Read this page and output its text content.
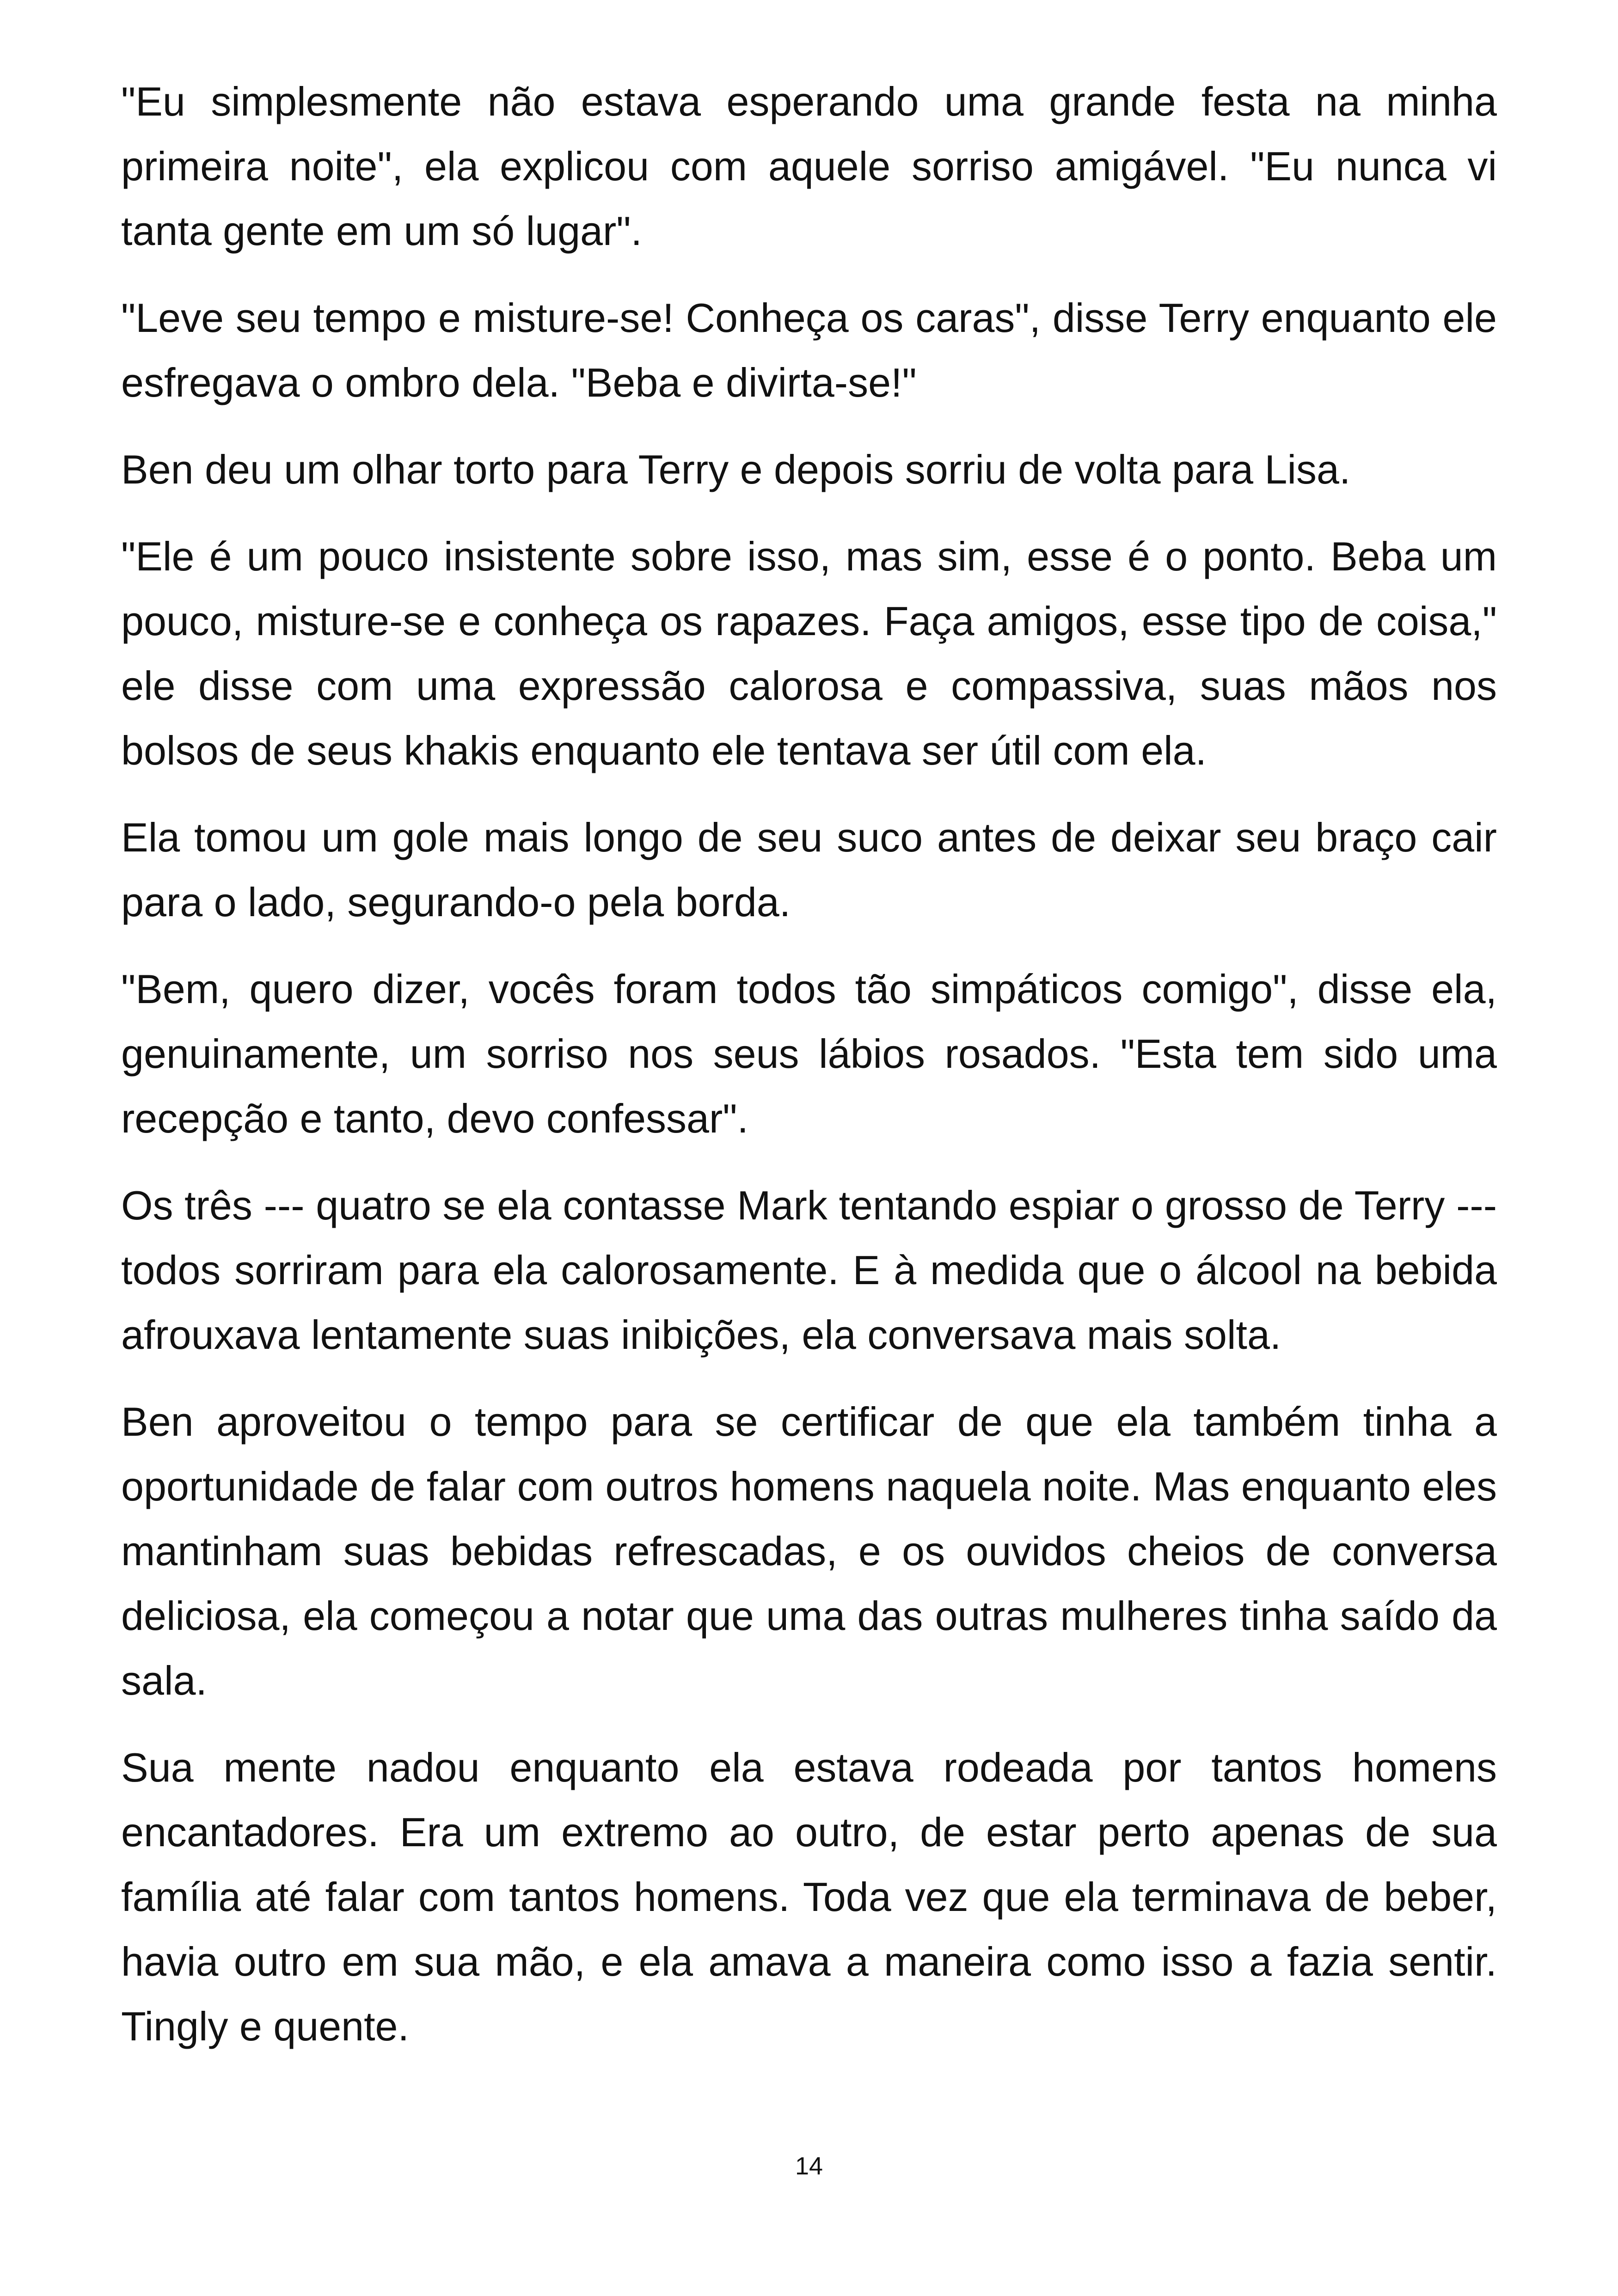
"Eu simplesmente não estava esperando uma grande festa na minha primeira noite", ela explicou com aquele sorriso amigável. "Eu nunca vi tanta gente em um só lugar".

"Leve seu tempo e misture-se! Conheça os caras", disse Terry enquanto ele esfregava o ombro dela. "Beba e divirta-se!"

Ben deu um olhar torto para Terry e depois sorriu de volta para Lisa.

"Ele é um pouco insistente sobre isso, mas sim, esse é o ponto. Beba um pouco, misture-se e conheça os rapazes. Faça amigos, esse tipo de coisa," ele disse com uma expressão calorosa e compassiva, suas mãos nos bolsos de seus khakis enquanto ele tentava ser útil com ela.

Ela tomou um gole mais longo de seu suco antes de deixar seu braço cair para o lado, segurando-o pela borda.

"Bem, quero dizer, vocês foram todos tão simpáticos comigo", disse ela, genuinamente, um sorriso nos seus lábios rosados. "Esta tem sido uma recepção e tanto, devo confessar".

Os três --- quatro se ela contasse Mark tentando espiar o grosso de Terry --- todos sorriram para ela calorosamente. E à medida que o álcool na bebida afrouxava lentamente suas inibições, ela conversava mais solta.

Ben aproveitou o tempo para se certificar de que ela também tinha a oportunidade de falar com outros homens naquela noite. Mas enquanto eles mantinham suas bebidas refrescadas, e os ouvidos cheios de conversa deliciosa, ela começou a notar que uma das outras mulheres tinha saído da sala.

Sua mente nadou enquanto ela estava rodeada por tantos homens encantadores. Era um extremo ao outro, de estar perto apenas de sua família até falar com tantos homens. Toda vez que ela terminava de beber, havia outro em sua mão, e ela amava a maneira como isso a fazia sentir. Tingly e quente.

14
